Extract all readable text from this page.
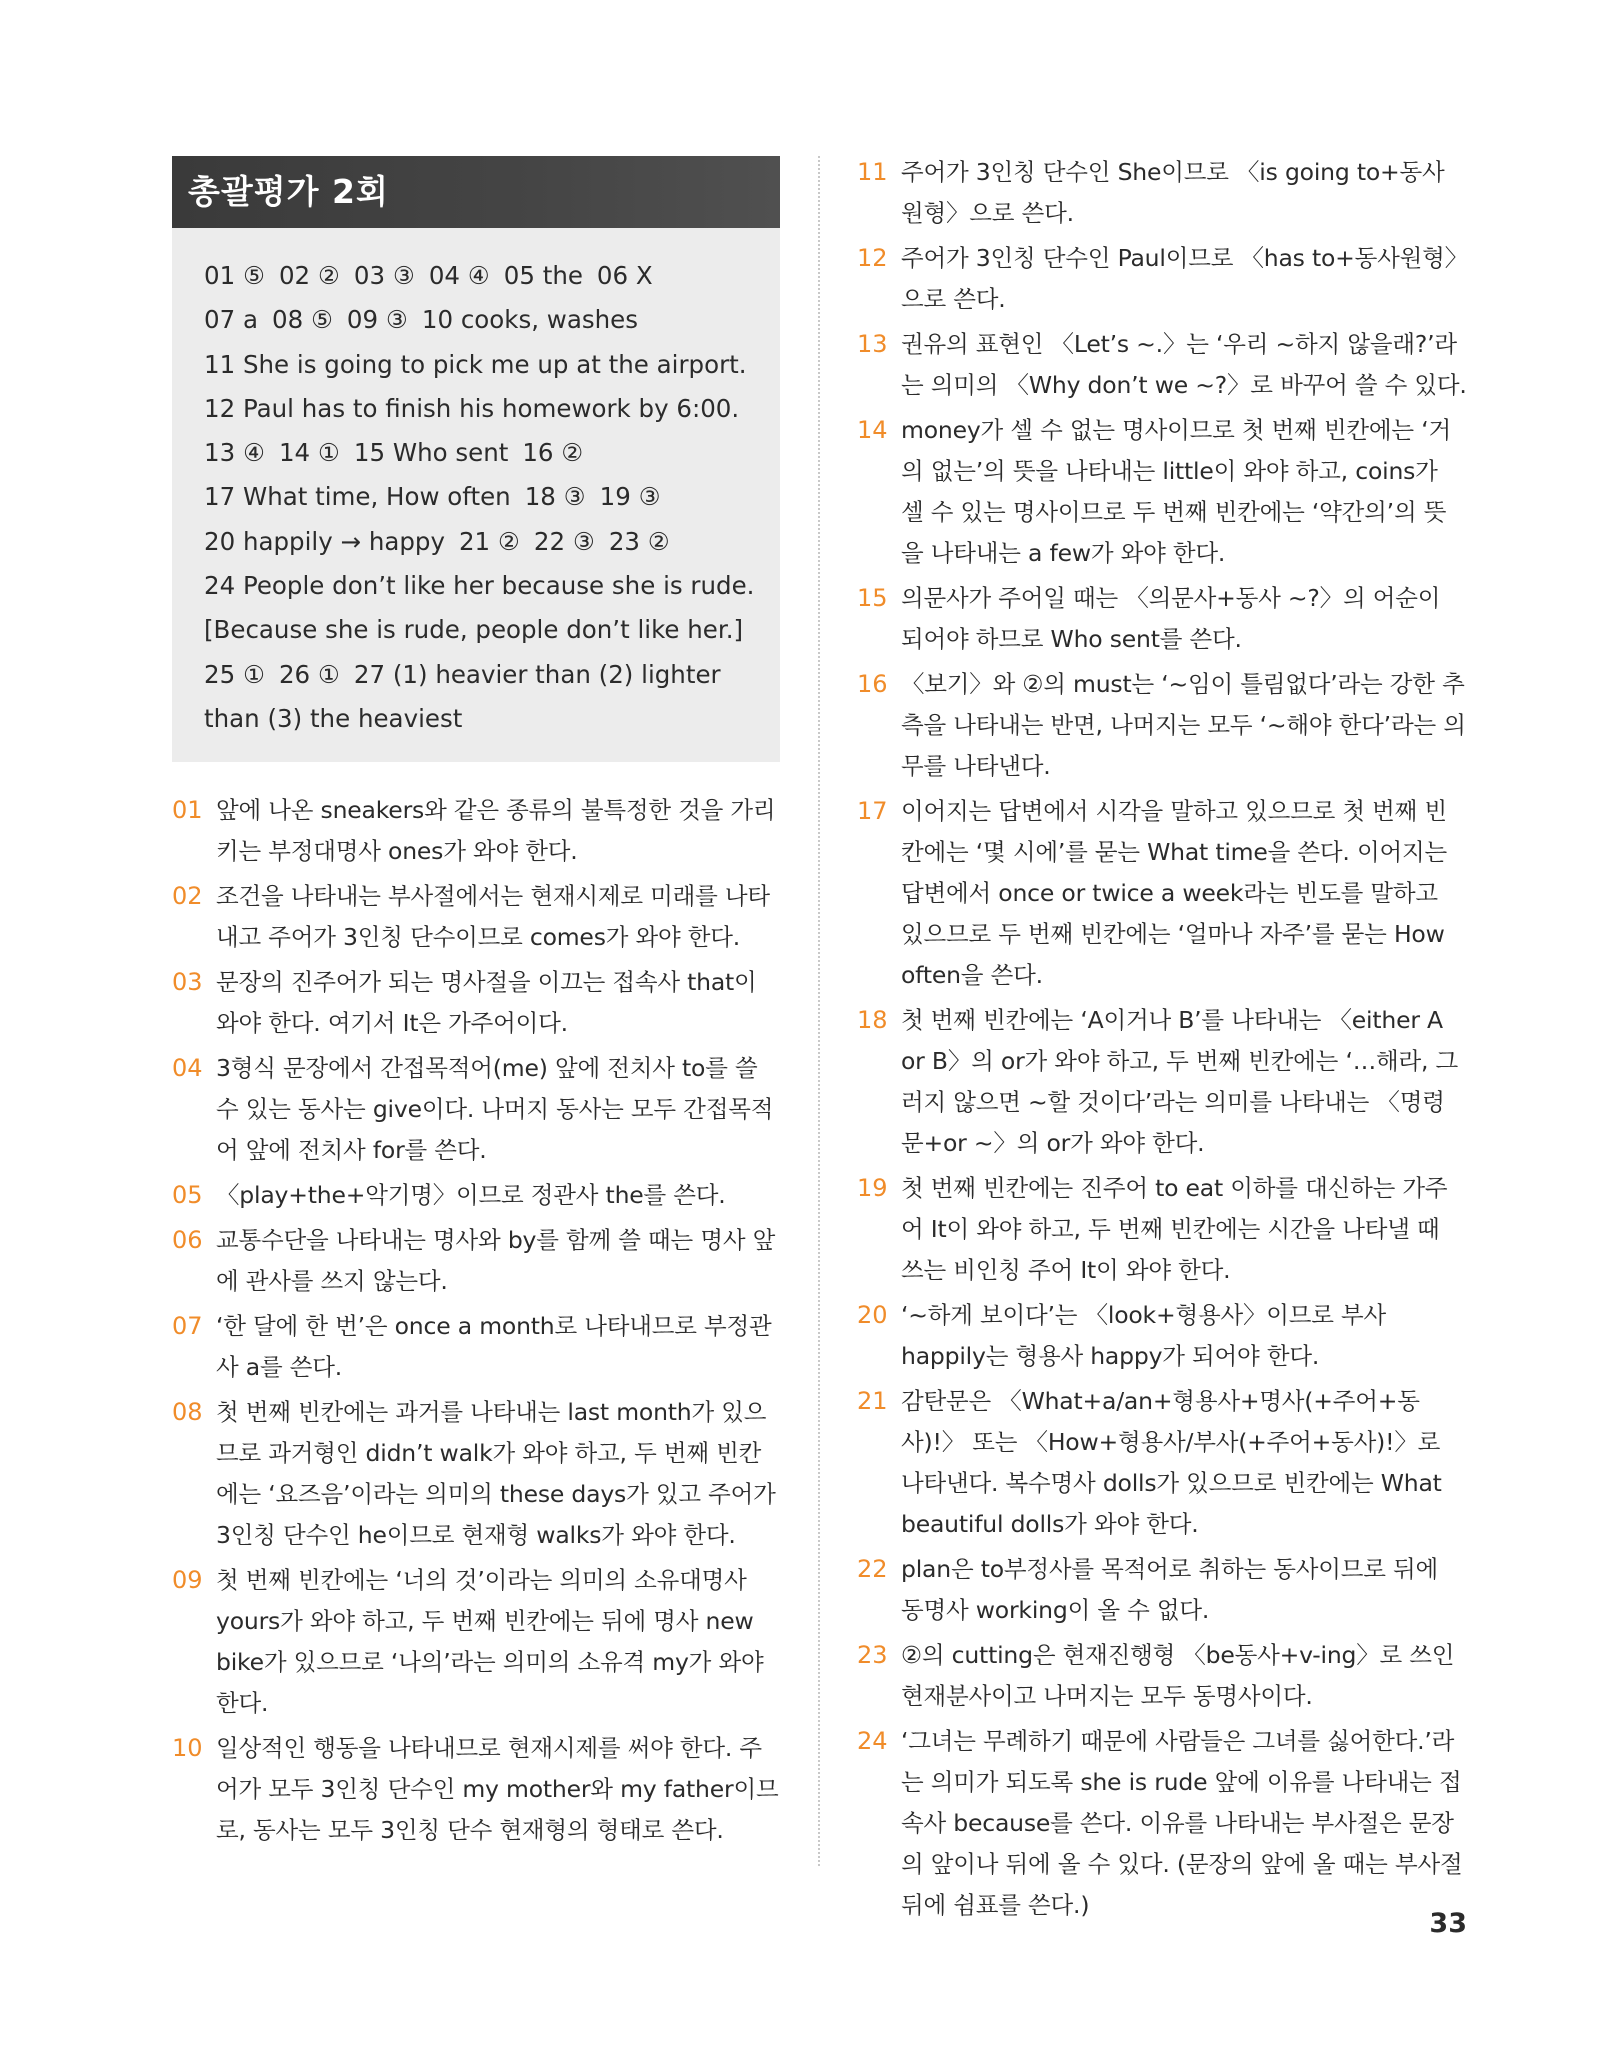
총괄평가 2회
01 ⑤ 02 ② 03 ③ 04 ④ 05 the 06 X
07 a 08 ⑤ 09 ③ 10 cooks, washes
11 She is going to pick me up at the airport.
12 Paul has to finish his homework by 6:00.
13 ④ 14 ① 15 Who sent 16 ②
17 What time, How often 18 ③ 19 ③
20 happily → happy 21 ② 22 ③ 23 ②
24 People don’t like her because she is rude.
[Because she is rude, people don’t like her.]
25 ① 26 ① 27 (1) heavier than (2) lighter
than (3) the heaviest
01 앞에 나온 sneakers와 같은 종류의 불특정한 것을 가리키는 부정대명사 ones가 와야 한다.
02 조건을 나타내는 부사절에서는 현재시제로 미래를 나타내고 주어가 3인칭 단수이므로 comes가 와야 한다.
03 문장의 진주어가 되는 명사절을 이끄는 접속사 that이 와야 한다. 여기서 It은 가주어이다.
04 3형식 문장에서 간접목적어(me) 앞에 전치사 to를 쓸 수 있는 동사는 give이다. 나머지 동사는 모두 간접목적어 앞에 전치사 for를 쓴다.
05 〈play+the+악기명〉이므로 정관사 the를 쓴다.
06 교통수단을 나타내는 명사와 by를 함께 쓸 때는 명사 앞에 관사를 쓰지 않는다.
07 ‘한 달에 한 번’은 once a month로 나타내므로 부정관사 a를 쓴다.
08 첫 번째 빈칸에는 과거를 나타내는 last month가 있으므로 과거형인 didn’t walk가 와야 하고, 두 번째 빈칸에는 ‘요즈음’이라는 의미의 these days가 있고 주어가 3인칭 단수인 he이므로 현재형 walks가 와야 한다.
09 첫 번째 빈칸에는 ‘너의 것’이라는 의미의 소유대명사 yours가 와야 하고, 두 번째 빈칸에는 뒤에 명사 new bike가 있으므로 ‘나의’라는 의미의 소유격 my가 와야 한다.
10 일상적인 행동을 나타내므로 현재시제를 써야 한다. 주어가 모두 3인칭 단수인 my mother와 my father이므로, 동사는 모두 3인칭 단수 현재형의 형태로 쓴다.
11 주어가 3인칭 단수인 She이므로 〈is going to+동사원형〉으로 쓴다.
12 주어가 3인칭 단수인 Paul이므로 〈has to+동사원형〉으로 쓴다.
13 권유의 표현인 〈Let’s ~.〉는 ‘우리 ~하지 않을래?’라는 의미의 〈Why don’t we ~?〉로 바꾸어 쓸 수 있다.
14 money가 셀 수 없는 명사이므로 첫 번째 빈칸에는 ‘거의 없는’의 뜻을 나타내는 little이 와야 하고, coins가 셀 수 있는 명사이므로 두 번째 빈칸에는 ‘약간의’의 뜻을 나타내는 a few가 와야 한다.
15 의문사가 주어일 때는 〈의문사+동사 ~?〉의 어순이 되어야 하므로 Who sent를 쓴다.
16 〈보기〉와 ②의 must는 ‘~임이 틀림없다’라는 강한 추측을 나타내는 반면, 나머지는 모두 ‘~해야 한다’라는 의무를 나타낸다.
17 이어지는 답변에서 시각을 말하고 있으므로 첫 번째 빈칸에는 ‘몇 시에’를 묻는 What time을 쓴다. 이어지는 답변에서 once or twice a week라는 빈도를 말하고 있으므로 두 번째 빈칸에는 ‘얼마나 자주’를 묻는 How often을 쓴다.
18 첫 번째 빈칸에는 ‘A이거나 B’를 나타내는 〈either A or B〉의 or가 와야 하고, 두 번째 빈칸에는 ‘…해라, 그러지 않으면 ~할 것이다’라는 의미를 나타내는 〈명령문+or ~〉의 or가 와야 한다.
19 첫 번째 빈칸에는 진주어 to eat 이하를 대신하는 가주어 It이 와야 하고, 두 번째 빈칸에는 시간을 나타낼 때 쓰는 비인칭 주어 It이 와야 한다.
20 ‘~하게 보이다’는 〈look+형용사〉이므로 부사 happily는 형용사 happy가 되어야 한다.
21 감탄문은 〈What+a/an+형용사+명사(+주어+동사)!〉 또는 〈How+형용사/부사(+주어+동사)!〉로 나타낸다. 복수명사 dolls가 있으므로 빈칸에는 What beautiful dolls가 와야 한다.
22 plan은 to부정사를 목적어로 취하는 동사이므로 뒤에 동명사 working이 올 수 없다.
23 ②의 cutting은 현재진행형 〈be동사+v-ing〉로 쓰인 현재분사이고 나머지는 모두 동명사이다.
24 ‘그녀는 무례하기 때문에 사람들은 그녀를 싫어한다.’라는 의미가 되도록 she is rude 앞에 이유를 나타내는 접속사 because를 쓴다. 이유를 나타내는 부사절은 문장의 앞이나 뒤에 올 수 있다. (문장의 앞에 올 때는 부사절 뒤에 쉼표를 쓴다.)
33
